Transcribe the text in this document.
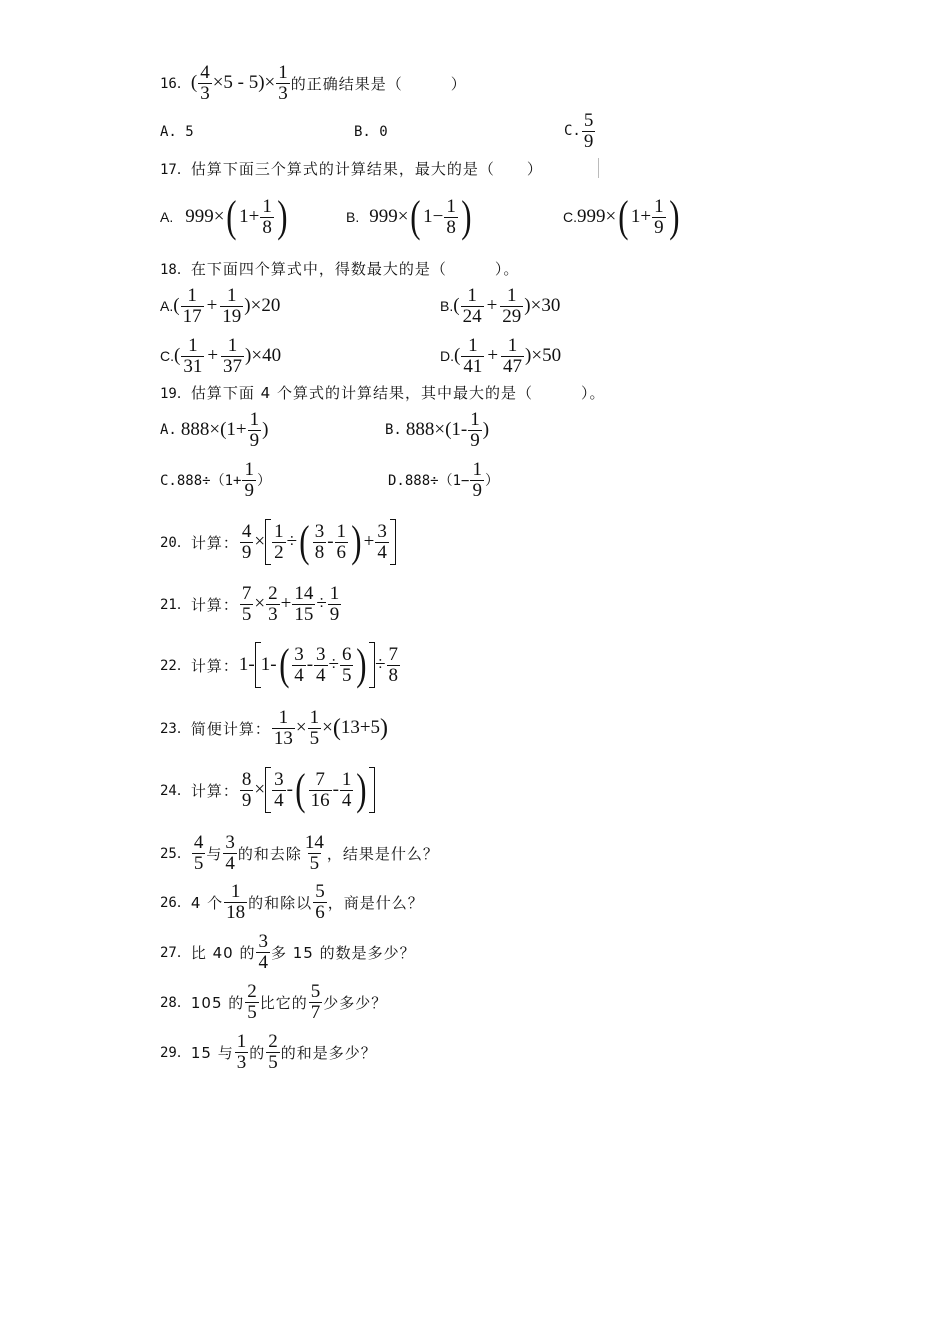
16． ( $\frac{4}{3} \times 5 - 5)\times \frac{1}{3}$ 的正确结果是（　　　）
A. 5	B. 0	C.
5
9
17．估算下面三个算式的计算结果，最大的是（　　）
A. 999× ( $1+ \frac{1}{8}$ )	B. 999× ( $1- \frac{1}{8}$ )	C. 999× ( $1+ \frac{1}{9}$ )
18．在下面四个算式中，得数最大的是（　　　）。
A. ( 1
$17 + \frac{1}{19} )\times 20$	B. ( 1
$24 + \frac{1}{29} )\times 30$
C. ( 1
$31 + \frac{1}{37} )\times 40$	D. ( 1
$41 + \frac{1}{47} )\times 50$
19．估算下面 4 个算式的计算结果，其中最大的是（　　　）。
A. $888\times(1+ \frac{1}{9}$ )	B. 888×(1- 1
9 )
$C.888\div(1+ \frac{1}{9}$ ）	$D.888\div(1- \frac{1}{9}$ ）
20． 计算： $\frac{4}{9} \times \frac{1}{2}$ ÷ ( 3
8 - 1
6 ) + $\frac{3}{4}$
21． 计算： $\frac{7}{5} \times \frac{2}{3} + \frac{14}{15} \div \frac{1}{9}$
22． 计算： 1- 1- ( 3
$4 - \frac{3}{4} \div \frac{6}{5}$ ) ÷ $\frac{7}{8}$
23． 简便计算： $\frac{1}{13} \times \frac{1}{5}$ × ( 13+5 )
24． 计算： $\frac{8}{9} \times 3$
4 - ( 7
16 - 1
4 )
25．
4
5 与
3
4 的和去除
14
5 ，结果是什么？
26． 4 个
1
18 的和除以
5
6 ，商是什么？
27． 比 40 的
3
4 多 15 的数是多少？
28． 105 的
2
5 比它的
5
7 少多少？
29． 15 与
1
3 的
2
5 的和是多少？
